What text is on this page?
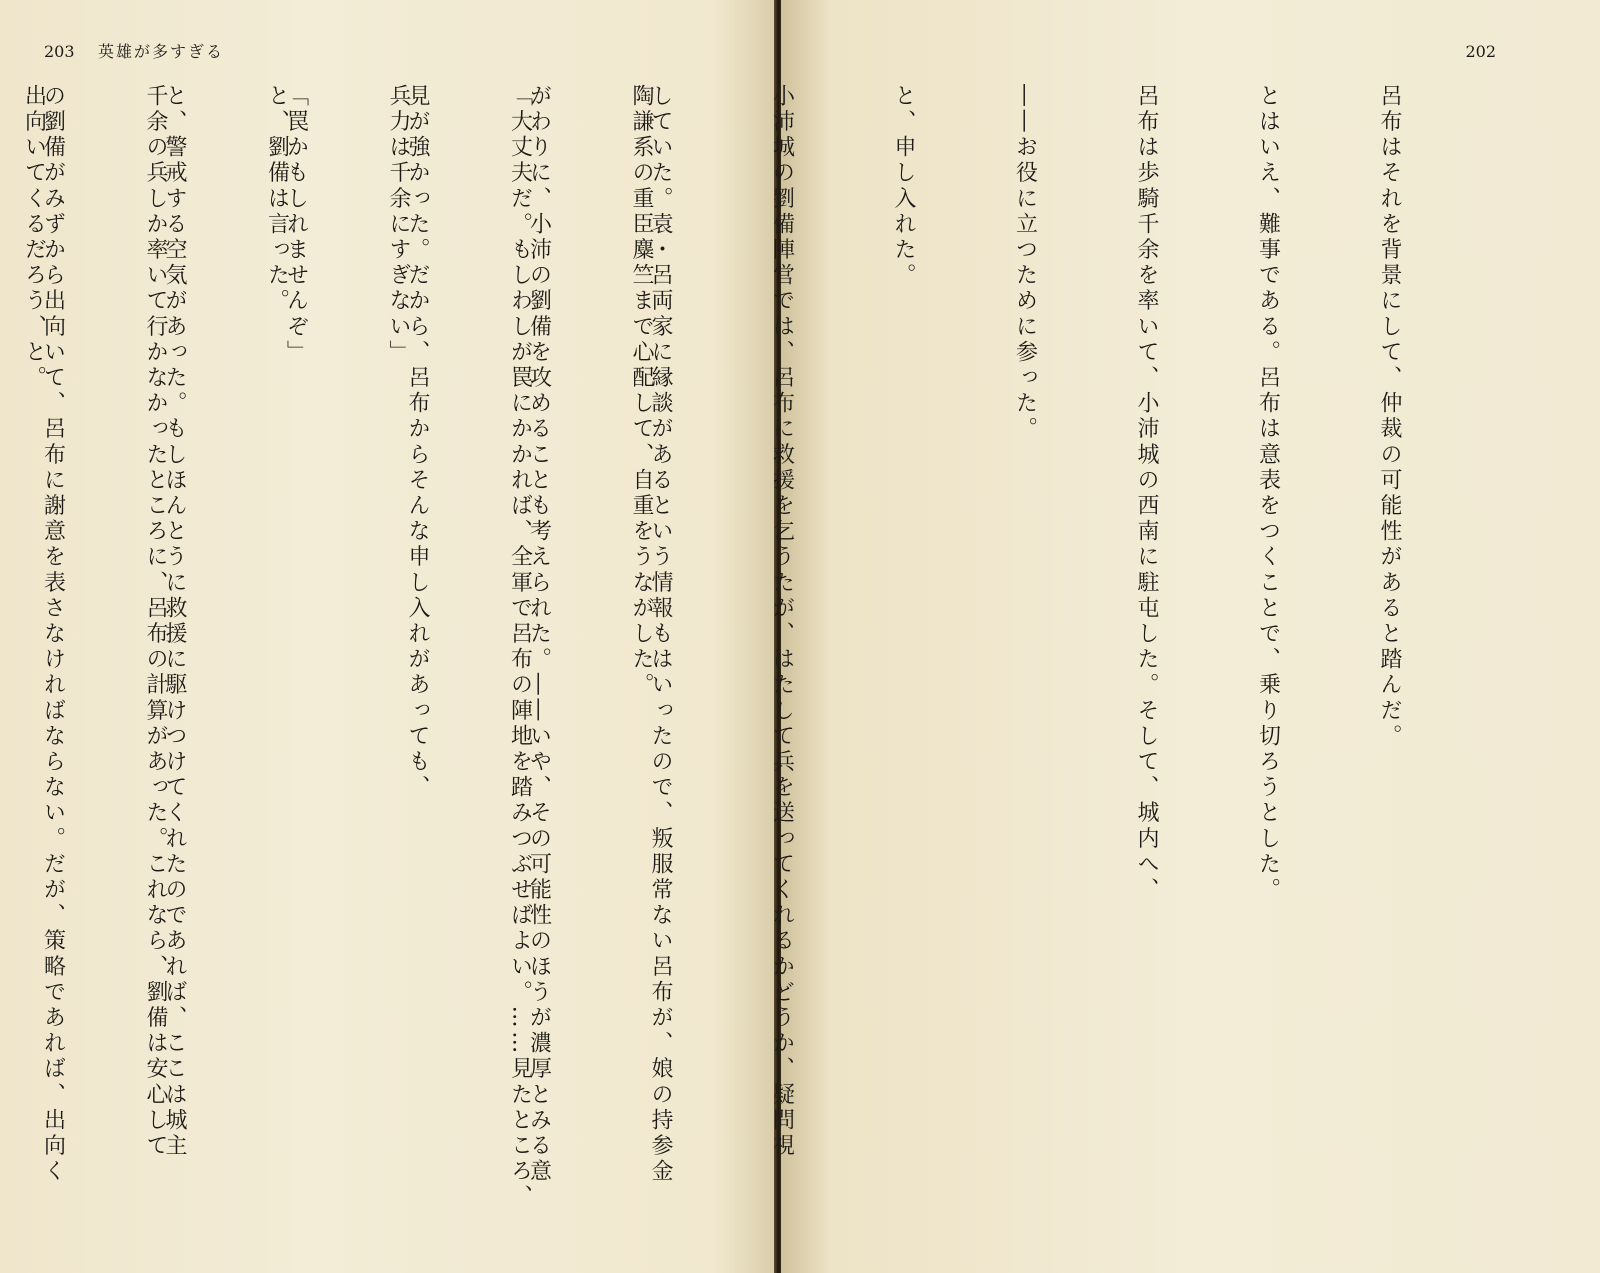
203 英雄が多すぎる

陶謙系の重臣麋竺まで心配して、自重をうながした。

「大丈夫だ。もしわしが罠にかかれば、全軍で呂布の陣地を踏みつぶせばよい。……見たところ、

兵力は千余にすぎない」

と、劉備は言った。

千余の兵しか率いて行かなかったところに、呂布の計算があった。これなら、劉備は安心して

出向いてくるだろう、と。

202

呂布はそれを背景にして、仲裁の可能性があると踏んだ。

とはいえ、難事である。呂布は意表をつくことで、乗り切ろうとした。

呂布は歩騎千余を率いて、小沛城の西南に駐屯した。そして、城内へ、

――お役に立つために参った。

と、申し入れた。

小沛城の劉備陣営では、呂布に救援を乞うたが、はたして兵を送ってくれるかどうか、疑問視

していた。袁・呂両家に縁談があるという情報もはいったので、叛服常ない呂布が、娘の持参金

がわりに、小沛の劉備を攻めることも考えられた。――いや、その可能性のほうが濃厚とみる意

見が強かった。だから、呂布からそんな申し入れがあっても、

「罠かもしれませんぞ」

と、警戒する空気があった。もしほんとうに救援に駆けつけてくれたのであれば、ここは城主

の劉備がみずから出向いて、呂布に謝意を表さなければならない。だが、策略であれば、出向く
